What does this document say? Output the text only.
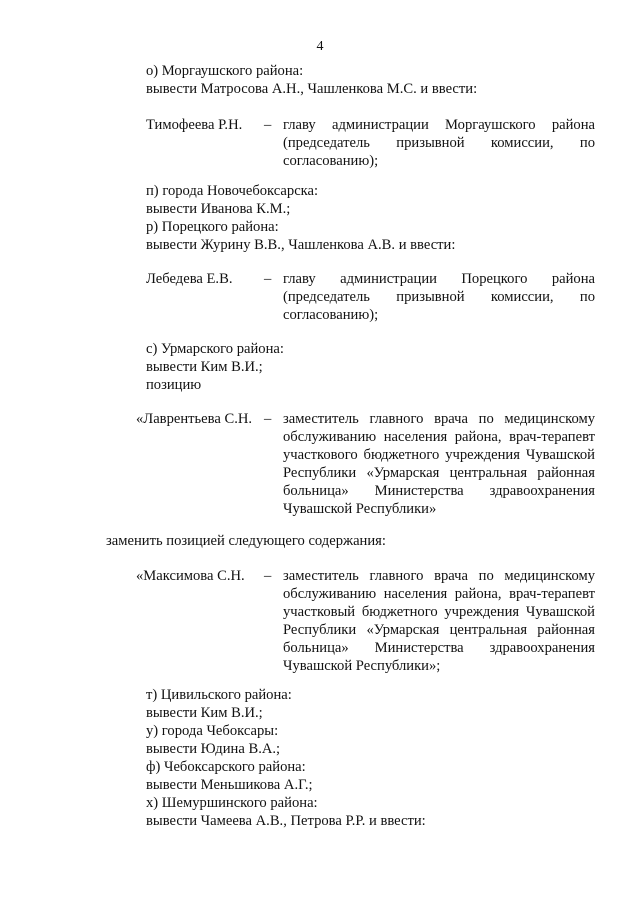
4
о) Моргаушского района:
вывести Матросова А.Н., Чашленкова М.С. и ввести:
Тимофеева Р.Н. – главу администрации Моргаушского района (председатель призывной комиссии, по согласованию);
п) города Новочебоксарска:
вывести Иванова К.М.;
р) Порецкого района:
вывести Журину В.В., Чашленкова А.В. и ввести:
Лебедева Е.В. – главу администрации Порецкого района (председатель призывной комиссии, по согласованию);
с) Урмарского района:
вывести Ким В.И.;
позицию
«Лаврентьева С.Н. – заместитель главного врача по медицинскому обслуживанию населения района, врач-терапевт участкового бюджетного учреждения Чувашской Республики «Урмарская центральная районная больница» Министерства здравоохранения Чувашской Республики»
заменить позицией следующего содержания:
«Максимова С.Н. – заместитель главного врача по медицинскому обслуживанию населения района, врач-терапевт участковый бюджетного учреждения Чувашской Республики «Урмарская центральная районная больница» Министерства здравоохранения Чувашской Республики»;
т) Цивильского района:
вывести Ким В.И.;
у) города Чебоксары:
вывести Юдина В.А.;
ф) Чебоксарского района:
вывести Меньшикова А.Г.;
х) Шемуршинского района:
вывести Чамеева А.В., Петрова Р.Р. и ввести:
